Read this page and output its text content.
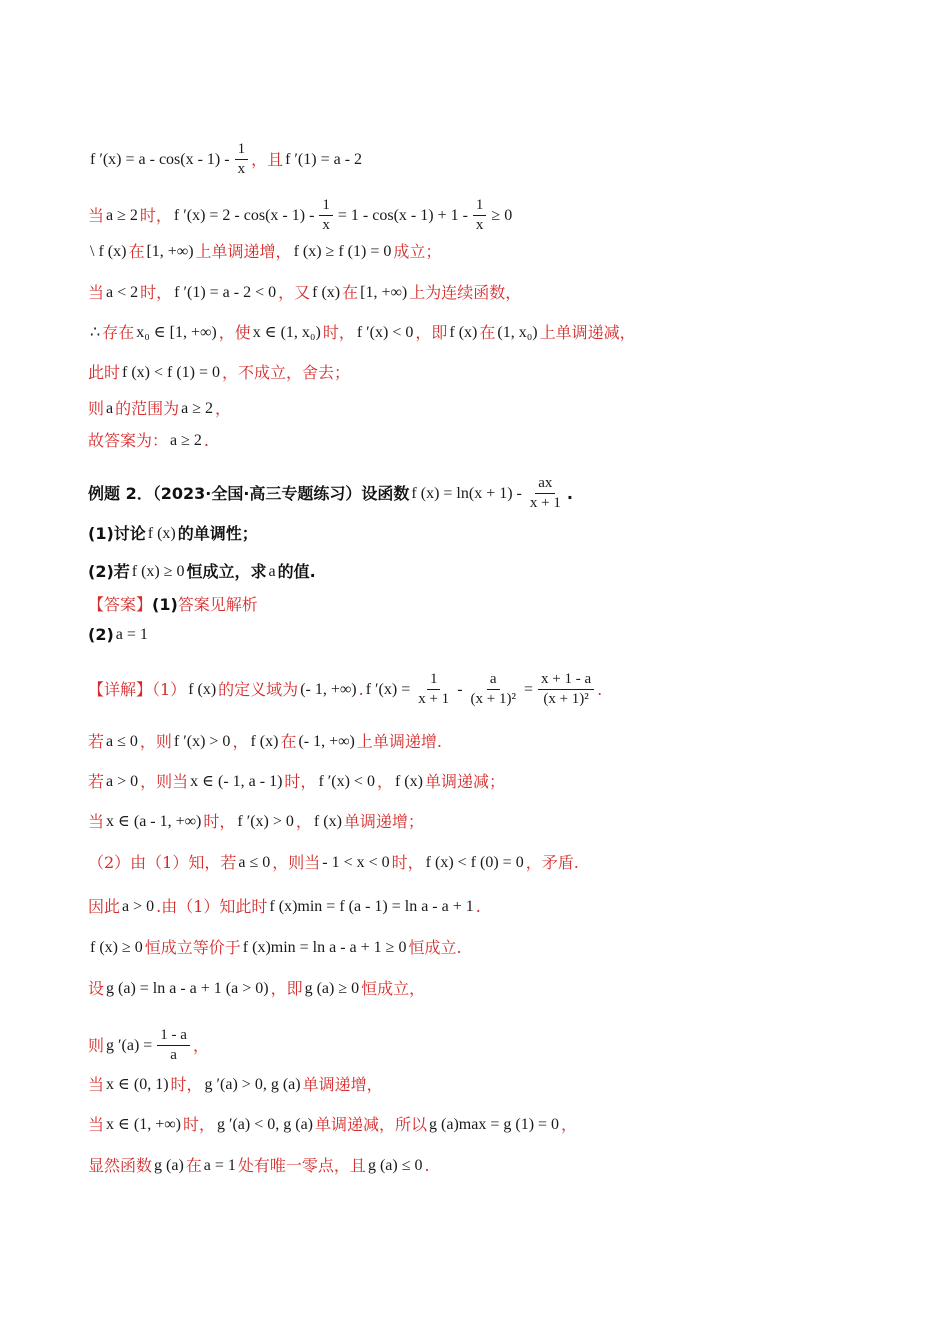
f $'(x) = a - \cos(x - 1) - \frac{1}{x}$ ，且 f ′(1) = a - 2
当 a ≥ 2 时， f $'(x) = 2 - \cos(x - 1) - \frac{1}{x} = 1 - \cos(x - 1) + 1 - \frac{1}{x} \ge 0$
\ f (x) 在 [1, +∞) 上单调递增， f (x) ≥ f (1) = 0 成立；
当 a < 2 时， f ′(1) = a - 2 < 0 ，又 f (x) 在 [1, +∞) 上为连续函数，
∴ 存在 x₀ ∈ [1, +∞) ，使 x ∈ (1, x₀) 时， f ′(x) < 0 ，即 f (x) 在 (1, x₀) 上单调递减，
此时 f (x) < f (1) = 0 ，不成立，舍去；
则 a 的范围为 a ≥ 2 ，
故答案为： a ≥ 2 .
例题 2．（2023·全国·高三专题练习）设函数 f $(x) = \ln(x + 1) - \frac{ax}{x + 1}$ .
(1)讨论 f (x) 的单调性；
(2)若 f (x) ≥ 0 恒成立，求 a 的值.
【答案】 (1) 答案见解析
(2) a = 1
【详解】（1） f (x) 的定义域为 (- 1, +∞) . f $'(x) = \frac{1}{x + 1} - \frac{a}{\text{(x + 1)²}} = \frac{x + 1 - a}{\text{(x + 1)²}}$ .
若 a ≤ 0 ，则 f ′(x) > 0 ， f (x) 在 (- 1, +∞) 上单调递增.
若 a > 0 ，则当 x ∈ (- 1, a - 1) 时， f ′(x) < 0 ， f (x) 单调递减；
当 x ∈ (a - 1, +∞) 时， f ′(x) > 0 ， f (x) 单调递增；
（2）由（1）知，若 a ≤ 0 ，则当 - 1 < x < 0 时， f (x) < f (0) = 0 ，矛盾.
因此 a > 0 .由（1）知此时 f (x)min = f (a - 1) = ln a - a + 1 .
f (x) ≥ 0 恒成立等价于 f (x)min = ln a - a + 1 ≥ 0 恒成立.
设 g (a) = ln a - a + 1 (a > 0) ，即 g (a) ≥ 0 恒成立，
则 g $'(a) = \frac{1 - a}{a}$ ，
当 x ∈ (0, 1) 时， g ′(a) > 0, g (a) 单调递增，
当 x ∈ (1, +∞) 时， g ′(a) < 0, g (a) 单调递减，所以 g (a)max = g (1) = 0 ，
显然函数 g (a) 在 a = 1 处有唯一零点，且 g (a) ≤ 0 .
